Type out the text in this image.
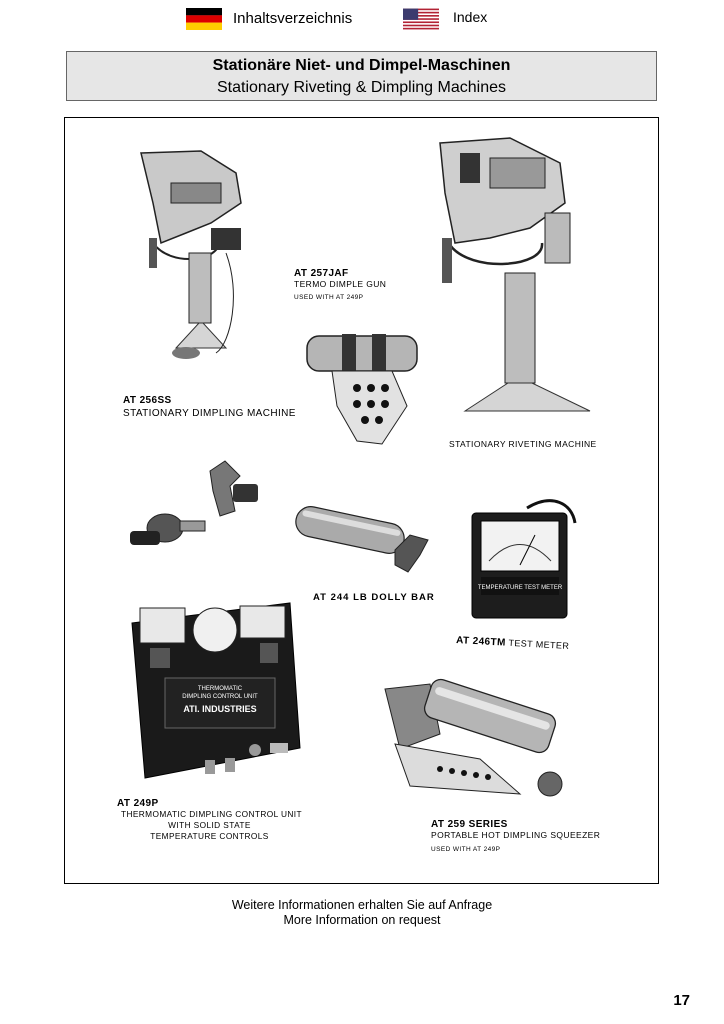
Inhaltsverzeichnis	Index
Stationäre Niet- und Dimpel-Maschinen
Stationary Riveting & Dimpling Machines
AT 256SS
STATIONARY DIMPLING MACHINE
AT 257JAF
TERMO DIMPLE GUN
USED WITH AT 249P
STATIONARY RIVETING MACHINE
AT 244 LB DOLLY BAR
TEMPERATURE TEST METER
AT 246TM TEST METER
THERMOMATIC
DIMPLING CONTROL UNIT
ATI. INDUSTRIES
AT 249P
THERMOMATIC DIMPLING CONTROL UNIT
WITH SOLID STATE
TEMPERATURE CONTROLS
AT 259 SERIES
PORTABLE HOT DIMPLING SQUEEZER
USED WITH AT 249P
Weitere Informationen erhalten Sie auf Anfrage
More Information on request
17
